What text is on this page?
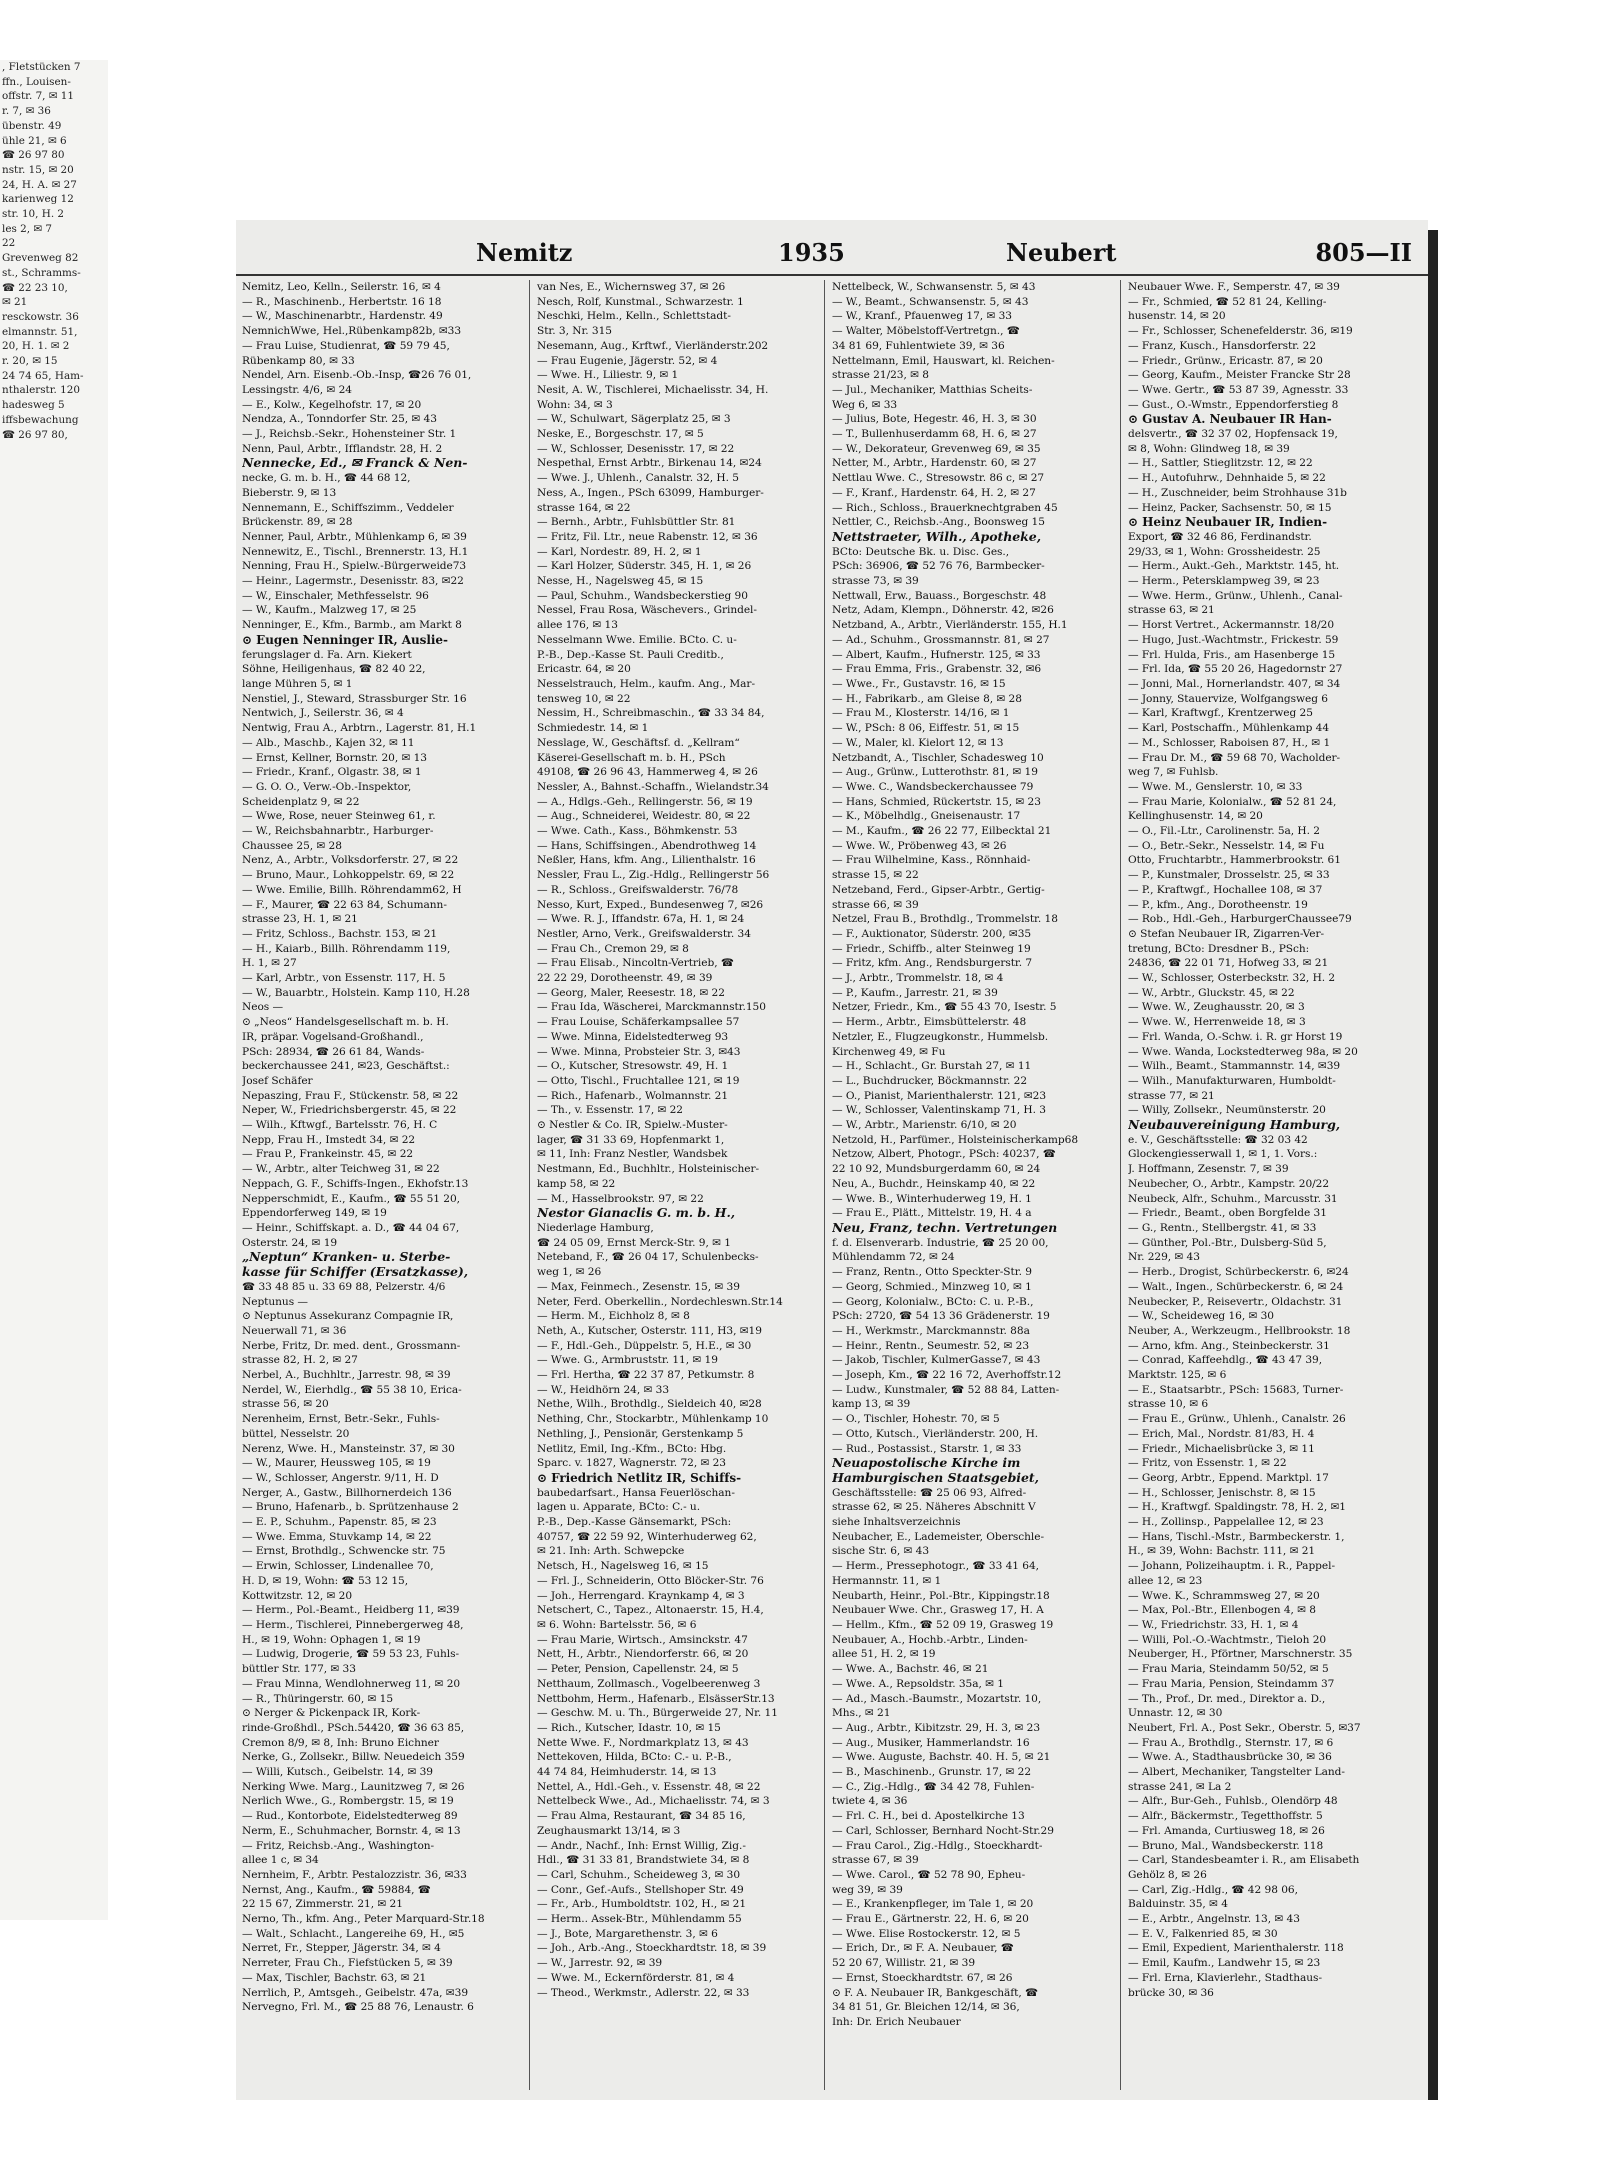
, Fletstücken 7
ffn., Louisen-
offstr. 7, ✉ 11
r. 7, ✉ 36
übenstr. 49
ühle 21, ✉ 6
☎ 26 97 80
nstr. 15, ✉ 20
24, H. A. ✉ 27
karienweg 12
str. 10, H. 2
les 2, ✉ 7
22
Grevenweg 82
st., Schramms-
☎ 22 23 10,
✉ 21
resckowstr. 36
elmannstr. 51,
20, H. 1. ✉ 2
r. 20, ✉ 15
24 74 65, Ham-
nthalerstr. 120
hadesweg 5
iffsbewachung
☎ 26 97 80,
Nemitz	1935	Neubert	805—II
Nemitz, Leo, Kelln., Seilerstr. 16, ✉ 4
— R., Maschinenb., Herbertstr. 16 18
— W., Maschinenarbtr., Hardenstr. 49
NemnichWwe, Hel.,Rübenkamp82b, ✉33
— Frau Luise, Studienrat, ☎ 59 79 45,
Rübenkamp 80, ✉ 33
Nendel, Arn. Eisenb.-Ob.-Insp, ☎26 76 01,
Lessingstr. 4/6, ✉ 24
— E., Kolw., Kegelhofstr. 17, ✉ 20
Nendza, A., Tonndorfer Str. 25, ✉ 43
— J., Reichsb.-Sekr., Hohensteiner Str. 1
Nenn, Paul, Arbtr., Ifflandstr. 28, H. 2
Nennecke, Ed., ✉ Franck & Nen-
necke, G. m. b. H., ☎ 44 68 12,
Bieberstr. 9, ✉ 13
Nennemann, E., Schiffszimm., Veddeler
Brückenstr. 89, ✉ 28
Nenner, Paul, Arbtr., Mühlenkamp 6, ✉ 39
Nennewitz, E., Tischl., Brennerstr. 13, H.1
Nenning, Frau H., Spielw.-Bürgerweide73
— Heinr., Lagermstr., Desenisstr. 83, ✉22
— W., Einschaler, Methfesselstr. 96
— W., Kaufm., Malzweg 17, ✉ 25
Nenninger, E., Kfm., Barmb., am Markt 8
⊙ Eugen Nenninger IR, Auslie-
ferungslager d. Fa. Arn. Kiekert
Söhne, Heiligenhaus, ☎ 82 40 22,
lange Mühren 5, ✉ 1
Nenstiel, J., Steward, Strassburger Str. 16
Nentwich, J., Seilerstr. 36, ✉ 4
Nentwig, Frau A., Arbtrn., Lagerstr. 81, H.1
— Alb., Maschb., Kajen 32, ✉ 11
— Ernst, Kellner, Bornstr. 20, ✉ 13
— Friedr., Kranf., Olgastr. 38, ✉ 1
— G. O. O., Verw.-Ob.-Inspektor,
Scheidenplatz 9, ✉ 22
— Wwe, Rose, neuer Steinweg 61, r.
— W., Reichsbahnarbtr., Harburger-
Chaussee 25, ✉ 28
Nenz, A., Arbtr., Volksdorferstr. 27, ✉ 22
— Bruno, Maur., Lohkoppelstr. 69, ✉ 22
— Wwe. Emilie, Billh. Röhrendamm62, H
— F., Maurer, ☎ 22 63 84, Schumann-
strasse 23, H. 1, ✉ 21
— Fritz, Schloss., Bachstr. 153, ✉ 21
— H., Kaiarb., Billh. Röhrendamm 119,
H. 1, ✉ 27
— Karl, Arbtr., von Essenstr. 117, H. 5
— W., Bauarbtr., Holstein. Kamp 110, H.28
Neos —
⊙ „Neos“ Handelsgesellschaft m. b. H.
IR, präpar. Vogelsand-Großhandl.,
PSch: 28934, ☎ 26 61 84, Wands-
beckerchaussee 241, ✉23, Geschäftst.:
Josef Schäfer
Nepaszing, Frau F., Stückenstr. 58, ✉ 22
Neper, W., Friedrichsbergerstr. 45, ✉ 22
— Wilh., Kftwgf., Bartelsstr. 76, H. C
Nepp, Frau H., Imstedt 34, ✉ 22
— Frau P., Frankeinstr. 45, ✉ 22
— W., Arbtr., alter Teichweg 31, ✉ 22
Neppach, G. F., Schiffs-Ingen., Ekhofstr.13
Nepperschmidt, E., Kaufm., ☎ 55 51 20,
Eppendorferweg 149, ✉ 19
— Heinr., Schiffskapt. a. D., ☎ 44 04 67,
Osterstr. 24, ✉ 19
„Neptun“ Kranken- u. Sterbe-
kasse für Schiffer (Ersatzkasse),
☎ 33 48 85 u. 33 69 88, Pelzerstr. 4/6
Neptunus —
⊙ Neptunus Assekuranz Compagnie IR,
Neuerwall 71, ✉ 36
Nerbe, Fritz, Dr. med. dent., Grossmann-
strasse 82, H. 2, ✉ 27
Nerbel, A., Buchhltr., Jarrestr. 98, ✉ 39
Nerdel, W., Eierhdlg., ☎ 55 38 10, Erica-
strasse 56, ✉ 20
Nerenheim, Ernst, Betr.-Sekr., Fuhls-
büttel, Nesselstr. 20
Nerenz, Wwe. H., Mansteinstr. 37, ✉ 30
— W., Maurer, Heussweg 105, ✉ 19
— W., Schlosser, Angerstr. 9/11, H. D
Nerger, A., Gastw., Billhornerdeich 136
— Bruno, Hafenarb., b. Sprützenhause 2
— E. P., Schuhm., Papenstr. 85, ✉ 23
— Wwe. Emma, Stuvkamp 14, ✉ 22
— Ernst, Brothdlg., Schwencke str. 75
— Erwin, Schlosser, Lindenallee 70,
H. D, ✉ 19, Wohn: ☎ 53 12 15,
Kottwitzstr. 12, ✉ 20
— Herm., Pol.-Beamt., Heidberg 11, ✉39
— Herm., Tischlerei, Pinnebergerweg 48,
H., ✉ 19, Wohn: Ophagen 1, ✉ 19
— Ludwig, Drogerie, ☎ 59 53 23, Fuhls-
büttler Str. 177, ✉ 33
— Frau Minna, Wendlohnerweg 11, ✉ 20
— R., Thüringerstr. 60, ✉ 15
⊙ Nerger & Pickenpack IR, Kork-
rinde-Großhdl., PSch.54420, ☎ 36 63 85,
Cremon 8/9, ✉ 8, Inh: Bruno Eichner
Nerke, G., Zollsekr., Billw. Neuedeich 359
— Willi, Kutsch., Geibelstr. 14, ✉ 39
Nerking Wwe. Marg., Launitzweg 7, ✉ 26
Nerlich Wwe., G., Rombergstr. 15, ✉ 19
— Rud., Kontorbote, Eidelstedterweg 89
Nerm, E., Schuhmacher, Bornstr. 4, ✉ 13
— Fritz, Reichsb.-Ang., Washington-
allee 1 c, ✉ 34
Nernheim, F., Arbtr. Pestalozzistr. 36, ✉33
Nernst, Ang., Kaufm., ☎ 59884, ☎
22 15 67, Zimmerstr. 21, ✉ 21
Nerno, Th., kfm. Ang., Peter Marquard-Str.18
— Walt., Schlacht., Langereihe 69, H., ✉5
Nerret, Fr., Stepper, Jägerstr. 34, ✉ 4
Nerreter, Frau Ch., Fiefstücken 5, ✉ 39
— Max, Tischler, Bachstr. 63, ✉ 21
Nerrlich, P., Amtsgeh., Geibelstr. 47a, ✉39
Nervegno, Frl. M., ☎ 25 88 76, Lenaustr. 6
van Nes, E., Wichernsweg 37, ✉ 26
Nesch, Rolf, Kunstmal., Schwarzestr. 1
Neschki, Helm., Kelln., Schlettstadt-
Str. 3, Nr. 315
Nesemann, Aug., Krftwf., Vierländerstr.202
— Frau Eugenie, Jägerstr. 52, ✉ 4
— Wwe. H., Liliestr. 9, ✉ 1
Nesit, A. W., Tischlerei, Michaelisstr. 34, H.
Wohn: 34, ✉ 3
— W., Schulwart, Sägerplatz 25, ✉ 3
Neske, E., Borgeschstr. 17, ✉ 5
— W., Schlosser, Desenisstr. 17, ✉ 22
Nespethal, Ernst Arbtr., Birkenau 14, ✉24
— Wwe. J., Uhlenh., Canalstr. 32, H. 5
Ness, A., Ingen., PSch 63099, Hamburger-
strasse 164, ✉ 22
— Bernh., Arbtr., Fuhlsbüttler Str. 81
— Fritz, Fil. Ltr., neue Rabenstr. 12, ✉ 36
— Karl, Nordestr. 89, H. 2, ✉ 1
— Karl Holzer, Süderstr. 345, H. 1, ✉ 26
Nesse, H., Nagelsweg 45, ✉ 15
— Paul, Schuhm., Wandsbeckerstieg 90
Nessel, Frau Rosa, Wäschevers., Grindel-
allee 176, ✉ 13
Nesselmann Wwe. Emilie. BCto. C. u-
P.-B., Dep.-Kasse St. Pauli Creditb.,
Ericastr. 64, ✉ 20
Nesselstrauch, Helm., kaufm. Ang., Mar-
tensweg 10, ✉ 22
Nessim, H., Schreibmaschin., ☎ 33 34 84,
Schmiedestr. 14, ✉ 1
Nesslage, W., Geschäftsf. d. „Kellram“
Käserei-Gesellschaft m. b. H., PSch
49108, ☎ 26 96 43, Hammerweg 4, ✉ 26
Nessler, A., Bahnst.-Schaffn., Wielandstr.34
— A., Hdlgs.-Geh., Rellingerstr. 56, ✉ 19
— Aug., Schneiderei, Weidestr. 80, ✉ 22
— Wwe. Cath., Kass., Böhmkenstr. 53
— Hans, Schiffsingen., Abendrothweg 14
Neßler, Hans, kfm. Ang., Lilienthalstr. 16
Nessler, Frau L., Zig.-Hdlg., Rellingerstr 56
— R., Schloss., Greifswalderstr. 76/78
Nesso, Kurt, Exped., Bundesenweg 7, ✉26
— Wwe. R. J., Iffandstr. 67a, H. 1, ✉ 24
Nestler, Arno, Verk., Greifswalderstr. 34
— Frau Ch., Cremon 29, ✉ 8
— Frau Elisab., Nincoltn-Vertrieb, ☎
22 22 29, Dorotheenstr. 49, ✉ 39
— Georg, Maler, Reesestr. 18, ✉ 22
— Frau Ida, Wäscherei, Marckmannstr.150
— Frau Louise, Schäferkampsallee 57
— Wwe. Minna, Eidelstedterweg 93
— Wwe. Minna, Probsteier Str. 3, ✉43
— O., Kutscher, Stresowstr. 49, H. 1
— Otto, Tischl., Fruchtallee 121, ✉ 19
— Rich., Hafenarb., Wolmannstr. 21
— Th., v. Essenstr. 17, ✉ 22
⊙ Nestler & Co. IR, Spielw.-Muster-
lager, ☎ 31 33 69, Hopfenmarkt 1,
✉ 11, Inh: Franz Nestler, Wandsbek
Nestmann, Ed., Buchhltr., Holsteinischer-
kamp 58, ✉ 22
— M., Hasselbrookstr. 97, ✉ 22
Nestor Gianaclis G. m. b. H.,
Niederlage Hamburg,
☎ 24 05 09, Ernst Merck-Str. 9, ✉ 1
Neteband, F., ☎ 26 04 17, Schulenbecks-
weg 1, ✉ 26
— Max, Feinmech., Zesenstr. 15, ✉ 39
Neter, Ferd. Oberkellin., Nordechleswn.Str.14
— Herm. M., Eichholz 8, ✉ 8
Neth, A., Kutscher, Osterstr. 111, H3, ✉19
— F., Hdl.-Geh., Düppelstr. 5, H.E., ✉ 30
— Wwe. G., Armbruststr. 11, ✉ 19
— Frl. Hertha, ☎ 22 37 87, Petkumstr. 8
— W., Heidhörn 24, ✉ 33
Nethe, Wilh., Brothdlg., Sieldeich 40, ✉28
Nething, Chr., Stockarbtr., Mühlenkamp 10
Nethling, J., Pensionär, Gerstenkamp 5
Netlitz, Emil, Ing.-Kfm., BCto: Hbg.
Sparc. v. 1827, Wagnerstr. 72, ✉ 23
⊙ Friedrich Netlitz IR, Schiffs-
baubedarfsart., Hansa Feuerlöschan-
lagen u. Apparate, BCto: C.- u.
P.-B., Dep.-Kasse Gänsemarkt, PSch:
40757, ☎ 22 59 92, Winterhuderweg 62,
✉ 21. Inh: Arth. Schwepcke
Netsch, H., Nagelsweg 16, ✉ 15
— Frl. J., Schneiderin, Otto Blöcker-Str. 76
— Joh., Herrengard. Kraynkamp 4, ✉ 3
Netschert, C., Tapez., Altonaerstr. 15, H.4,
✉ 6. Wohn: Bartelsstr. 56, ✉ 6
— Frau Marie, Wirtsch., Amsinckstr. 47
Nett, H., Arbtr., Niendorferstr. 66, ✉ 20
— Peter, Pension, Capellenstr. 24, ✉ 5
Netthaum, Zollmasch., Vogelbeerenweg 3
Nettbohm, Herm., Hafenarb., ElsässerStr.13
— Geschw. M. u. Th., Bürgerweide 27, Nr. 11
— Rich., Kutscher, Idastr. 10, ✉ 15
Nette Wwe. F., Nordmarkplatz 13, ✉ 43
Nettekoven, Hilda, BCto: C.- u. P.-B.,
44 74 84, Heimhuderstr. 14, ✉ 13
Nettel, A., Hdl.-Geh., v. Essenstr. 48, ✉ 22
Nettelbeck Wwe., Ad., Michaelisstr. 74, ✉ 3
— Frau Alma, Restaurant, ☎ 34 85 16,
Zeughausmarkt 13/14, ✉ 3
— Andr., Nachf., Inh: Ernst Willig, Zig.-
Hdl., ☎ 31 33 81, Brandstwiete 34, ✉ 8
— Carl, Schuhm., Scheideweg 3, ✉ 30
— Conr., Gef.-Aufs., Stellshoper Str. 49
— Fr., Arb., Humboldtstr. 102, H., ✉ 21
— Herm.. Assek-Btr., Mühlendamm 55
— J., Bote, Margarethenstr. 3, ✉ 6
— Joh., Arb.-Ang., Stoeckhardtstr. 18, ✉ 39
— W., Jarrestr. 92, ✉ 39
— Wwe. M., Eckernförderstr. 81, ✉ 4
— Theod., Werkmstr., Adlerstr. 22, ✉ 33
Nettelbeck, W., Schwansenstr. 5, ✉ 43
— W., Beamt., Schwansenstr. 5, ✉ 43
— W., Kranf., Pfauenweg 17, ✉ 33
— Walter, Möbelstoff-Vertretgn., ☎
34 81 69, Fuhlentwiete 39, ✉ 36
Nettelmann, Emil, Hauswart, kl. Reichen-
strasse 21/23, ✉ 8
— Jul., Mechaniker, Matthias Scheits-
Weg 6, ✉ 33
— Julius, Bote, Hegestr. 46, H. 3, ✉ 30
— T., Bullenhuserdamm 68, H. 6, ✉ 27
— W., Dekorateur, Grevenweg 69, ✉ 35
Netter, M., Arbtr., Hardenstr. 60, ✉ 27
Nettlau Wwe. C., Stresowstr. 86 c, ✉ 27
— F., Kranf., Hardenstr. 64, H. 2, ✉ 27
— Rich., Schloss., Brauerknechtgraben 45
Nettler, C., Reichsb.-Ang., Boonsweg 15
Nettstraeter, Wilh., Apotheke,
BCto: Deutsche Bk. u. Disc. Ges.,
PSch: 36906, ☎ 52 76 76, Barmbecker-
strasse 73, ✉ 39
Nettwall, Erw., Bauass., Borgeschstr. 48
Netz, Adam, Klempn., Döhnerstr. 42, ✉26
Netzband, A., Arbtr., Vierländerstr. 155, H.1
— Ad., Schuhm., Grossmannstr. 81, ✉ 27
— Albert, Kaufm., Hufnerstr. 125, ✉ 33
— Frau Emma, Fris., Grabenstr. 32, ✉6
— Wwe., Fr., Gustavstr. 16, ✉ 15
— H., Fabrikarb., am Gleise 8, ✉ 28
— Frau M., Klosterstr. 14/16, ✉ 1
— W., PSch: 8 06, Eiffestr. 51, ✉ 15
— W., Maler, kl. Kielort 12, ✉ 13
Netzbandt, A., Tischler, Schadesweg 10
— Aug., Grünw., Lutterothstr. 81, ✉ 19
— Wwe. C., Wandsbeckerchaussee 79
— Hans, Schmied, Rückertstr. 15, ✉ 23
— K., Möbelhdlg., Gneisenaustr. 17
— M., Kaufm., ☎ 26 22 77, Eilbecktal 21
— Wwe. W., Pröbenweg 43, ✉ 26
— Frau Wilhelmine, Kass., Rönnhaid-
strasse 15, ✉ 22
Netzeband, Ferd., Gipser-Arbtr., Gertig-
strasse 66, ✉ 39
Netzel, Frau B., Brothdlg., Trommelstr. 18
— F., Auktionator, Süderstr. 200, ✉35
— Friedr., Schiffb., alter Steinweg 19
— Fritz, kfm. Ang., Rendsburgerstr. 7
— J., Arbtr., Trommelstr. 18, ✉ 4
— P., Kaufm., Jarrestr. 21, ✉ 39
Netzer, Friedr., Km., ☎ 55 43 70, Isestr. 5
— Herm., Arbtr., Eimsbüttelerstr. 48
Netzler, E., Flugzeugkonstr., Hummelsb.
Kirchenweg 49, ✉ Fu
— H., Schlacht., Gr. Burstah 27, ✉ 11
— L., Buchdrucker, Böckmannstr. 22
— O., Pianist, Marienthalerstr. 121, ✉23
— W., Schlosser, Valentinskamp 71, H. 3
— W., Arbtr., Marienstr. 6/10, ✉ 20
Netzold, H., Parfümer., Holsteinischerkamp68
Netzow, Albert, Photogr., PSch: 40237, ☎
22 10 92, Mundsburgerdamm 60, ✉ 24
Neu, A., Buchdr., Heinskamp 40, ✉ 22
— Wwe. B., Winterhuderweg 19, H. 1
— Frau E., Plätt., Mittelstr. 19, H. 4 a
Neu, Franz, techn. Vertretungen
f. d. Elsenverarb. Industrie, ☎ 25 20 00,
Mühlendamm 72, ✉ 24
— Franz, Rentn., Otto Speckter-Str. 9
— Georg, Schmied., Minzweg 10, ✉ 1
— Georg, Kolonialw., BCto: C. u. P.-B.,
PSch: 2720, ☎ 54 13 36 Grädenerstr. 19
— H., Werkmstr., Marckmannstr. 88a
— Heinr., Rentn., Seumestr. 52, ✉ 23
— Jakob, Tischler, KulmerGasse7, ✉ 43
— Joseph, Km., ☎ 22 16 72, Averhoffstr.12
— Ludw., Kunstmaler, ☎ 52 88 84, Latten-
kamp 13, ✉ 39
— O., Tischler, Hohestr. 70, ✉ 5
— Otto, Kutsch., Vierländerstr. 200, H.
— Rud., Postassist., Starstr. 1, ✉ 33
Neuapostolische Kirche im
Hamburgischen Staatsgebiet,
Geschäftsstelle: ☎ 25 06 93, Alfred-
strasse 62, ✉ 25. Näheres Abschnitt V
siehe Inhaltsverzeichnis
Neubacher, E., Lademeister, Oberschle-
sische Str. 6, ✉ 43
— Herm., Pressephotogr., ☎ 33 41 64,
Hermannstr. 11, ✉ 1
Neubarth, Heinr., Pol.-Btr., Kippingstr.18
Neubauer Wwe. Chr., Grasweg 17, H. A
— Hellm., Kfm., ☎ 52 09 19, Grasweg 19
Neubauer, A., Hochb.-Arbtr., Linden-
allee 51, H. 2, ✉ 19
— Wwe. A., Bachstr. 46, ✉ 21
— Wwe. A., Repsoldstr. 35a, ✉ 1
— Ad., Masch.-Baumstr., Mozartstr. 10,
Mhs., ✉ 21
— Aug., Arbtr., Kibitzstr. 29, H. 3, ✉ 23
— Aug., Musiker, Hammerlandstr. 16
— Wwe. Auguste, Bachstr. 40. H. 5, ✉ 21
— B., Maschinenb., Grunstr. 17, ✉ 22
— C., Zig.-Hdlg., ☎ 34 42 78, Fuhlen-
twiete 4, ✉ 36
— Frl. C. H., bei d. Apostelkirche 13
— Carl, Schlosser, Bernhard Nocht-Str.29
— Frau Carol., Zig.-Hdlg., Stoeckhardt-
strasse 67, ✉ 39
— Wwe. Carol., ☎ 52 78 90, Epheu-
weg 39, ✉ 39
— E., Krankenpfleger, im Tale 1, ✉ 20
— Frau E., Gärtnerstr. 22, H. 6, ✉ 20
— Wwe. Elise Rostockerstr. 12, ✉ 5
— Erich, Dr., ✉ F. A. Neubauer, ☎
52 20 67, Willistr. 21, ✉ 39
— Ernst, Stoeckhardtstr. 67, ✉ 26
⊙ F. A. Neubauer IR, Bankgeschäft, ☎
34 81 51, Gr. Bleichen 12/14, ✉ 36,
Inh: Dr. Erich Neubauer
Neubauer Wwe. F., Semperstr. 47, ✉ 39
— Fr., Schmied, ☎ 52 81 24, Kelling-
husenstr. 14, ✉ 20
— Fr., Schlosser, Schenefelderstr. 36, ✉19
— Franz, Kusch., Hansdorferstr. 22
— Friedr., Grünw., Ericastr. 87, ✉ 20
— Georg, Kaufm., Meister Francke Str 28
— Wwe. Gertr., ☎ 53 87 39, Agnesstr. 33
— Gust., O.-Wmstr., Eppendorferstieg 8
⊙ Gustav A. Neubauer IR Han-
delsvertr., ☎ 32 37 02, Hopfensack 19,
✉ 8, Wohn: Glindweg 18, ✉ 39
— H., Sattler, Stieglitzstr. 12, ✉ 22
— H., Autofuhrw., Dehnhaide 5, ✉ 22
— H., Zuschneider, beim Strohhause 31b
— Heinz, Packer, Sachsenstr. 50, ✉ 15
⊙ Heinz Neubauer IR, Indien-
Export, ☎ 32 46 86, Ferdinandstr.
29/33, ✉ 1, Wohn: Grossheidestr. 25
— Herm., Aukt.-Geh., Marktstr. 145, ht.
— Herm., Petersklampweg 39, ✉ 23
— Wwe. Herm., Grünw., Uhlenh., Canal-
strasse 63, ✉ 21
— Horst Vertret., Ackermannstr. 18/20
— Hugo, Just.-Wachtmstr., Frickestr. 59
— Frl. Hulda, Fris., am Hasenberge 15
— Frl. Ida, ☎ 55 20 26, Hagedornstr 27
— Jonni, Mal., Hornerlandstr. 407, ✉ 34
— Jonny, Stauervize, Wolfgangsweg 6
— Karl, Kraftwgf., Krentzerweg 25
— Karl, Postschaffn., Mühlenkamp 44
— M., Schlosser, Raboisen 87, H., ✉ 1
— Frau Dr. M., ☎ 59 68 70, Wacholder-
weg 7, ✉ Fuhlsb.
— Wwe. M., Genslerstr. 10, ✉ 33
— Frau Marie, Kolonialw., ☎ 52 81 24,
Kellinghusenstr. 14, ✉ 20
— O., Fil.-Ltr., Carolinenstr. 5a, H. 2
— O., Betr.-Sekr., Nesselstr. 14, ✉ Fu
Otto, Fruchtarbtr., Hammerbrookstr. 61
— P., Kunstmaler, Drosselstr. 25, ✉ 33
— P., Kraftwgf., Hochallee 108, ✉ 37
— P., kfm., Ang., Dorotheenstr. 19
— Rob., Hdl.-Geh., HarburgerChaussee79
⊙ Stefan Neubauer IR, Zigarren-Ver-
tretung, BCto: Dresdner B., PSch:
24836, ☎ 22 01 71, Hofweg 33, ✉ 21
— W., Schlosser, Osterbeckstr. 32, H. 2
— W., Arbtr., Gluckstr. 45, ✉ 22
— Wwe. W., Zeughausstr. 20, ✉ 3
— Wwe. W., Herrenweide 18, ✉ 3
— Frl. Wanda, O.-Schw. i. R. gr Horst 19
— Wwe. Wanda, Lockstedterweg 98a, ✉ 20
— Wilh., Beamt., Stammannstr. 14, ✉39
— Wilh., Manufakturwaren, Humboldt-
strasse 77, ✉ 21
— Willy, Zollsekr., Neumünsterstr. 20
Neubauvereinigung Hamburg,
e. V., Geschäftsstelle: ☎ 32 03 42
Glockengiesserwall 1, ✉ 1, 1. Vors.:
J. Hoffmann, Zesenstr. 7, ✉ 39
Neubecher, O., Arbtr., Kampstr. 20/22
Neubeck, Alfr., Schuhm., Marcusstr. 31
— Friedr., Beamt., oben Borgfelde 31
— G., Rentn., Stellbergstr. 41, ✉ 33
— Günther, Pol.-Btr., Dulsberg-Süd 5,
Nr. 229, ✉ 43
— Herb., Drogist, Schürbeckerstr. 6, ✉24
— Walt., Ingen., Schürbeckerstr. 6, ✉ 24
Neubecker, P., Reisevertr., Oldachstr. 31
— W., Scheideweg 16, ✉ 30
Neuber, A., Werkzeugm., Hellbrookstr. 18
— Arno, kfm. Ang., Steinbeckerstr. 31
— Conrad, Kaffeehdlg., ☎ 43 47 39,
Marktstr. 125, ✉ 6
— E., Staatsarbtr., PSch: 15683, Turner-
strasse 10, ✉ 6
— Frau E., Grünw., Uhlenh., Canalstr. 26
— Erich, Mal., Nordstr. 81/83, H. 4
— Friedr., Michaelisbrücke 3, ✉ 11
— Fritz, von Essenstr. 1, ✉ 22
— Georg, Arbtr., Eppend. Marktpl. 17
— H., Schlosser, Jenischstr. 8, ✉ 15
— H., Kraftwgf. Spaldingstr. 78, H. 2, ✉1
— H., Zollinsp., Pappelallee 12, ✉ 23
— Hans, Tischl.-Mstr., Barmbeckerstr. 1,
H., ✉ 39, Wohn: Bachstr. 111, ✉ 21
— Johann, Polizeihauptm. i. R., Pappel-
allee 12, ✉ 23
— Wwe. K., Schrammsweg 27, ✉ 20
— Max, Pol.-Btr., Ellenbogen 4, ✉ 8
— W., Friedrichstr. 33, H. 1, ✉ 4
— Willi, Pol.-O.-Wachtmstr., Tieloh 20
Neuberger, H., Pförtner, Marschnerstr. 35
— Frau Maria, Steindamm 50/52, ✉ 5
— Frau Maria, Pension, Steindamm 37
— Th., Prof., Dr. med., Direktor a. D.,
Unnastr. 12, ✉ 30
Neubert, Frl. A., Post Sekr., Oberstr. 5, ✉37
— Frau A., Brothdlg., Sternstr. 17, ✉ 6
— Wwe. A., Stadthausbrücke 30, ✉ 36
— Albert, Mechaniker, Tangstelter Land-
strasse 241, ✉ La 2
— Alfr., Bur-Geh., Fuhlsb., Olendörp 48
— Alfr., Bäckermstr., Tegetthoffstr. 5
— Frl. Amanda, Curtiusweg 18, ✉ 26
— Bruno, Mal., Wandsbeckerstr. 118
— Carl, Standesbeamter i. R., am Elisabeth
Gehölz 8, ✉ 26
— Carl, Zig.-Hdlg., ☎ 42 98 06,
Balduinstr. 35, ✉ 4
— E., Arbtr., Angelnstr. 13, ✉ 43
— E. V., Falkenried 85, ✉ 30
— Emil, Expedient, Marienthalerstr. 118
— Emil, Kaufm., Landwehr 15, ✉ 23
— Frl. Erna, Klavierlehr., Stadthaus-
brücke 30, ✉ 36
